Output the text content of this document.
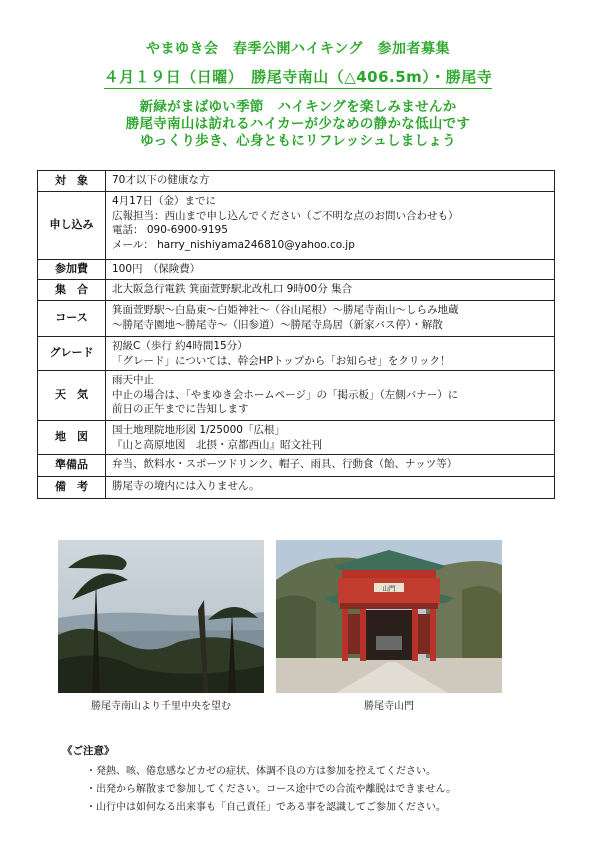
やまゆき会　春季公開ハイキング　参加者募集
４月１９日（日曜）　勝尾寺南山（△406.5m）・勝尾寺
新緑がまばゆい季節　ハイキングを楽しみませんか
勝尾寺南山は訪れるハイカーが少なめの静かな低山です
ゆっくり歩き、心身ともにリフレッシュしましょう
対　象	70才以下の健康な方

申し込み	4月17日（金）までに
広報担当：西山まで申し込んでください（ご不明な点のお問い合わせも）
電話： 090-6900-9195
メール： harry_nishiyama246810@yahoo.co.jp

参加費	100円　（保険費）

集　合	北大阪急行電鉄 箕面萱野駅北改札口 9時00分 集合

コース	箕面萱野駅～白島東～白姫神社～（谷山尾根）～勝尾寺南山～しらみ地蔵
～勝尾寺園地～勝尾寺～（旧参道）～勝尾寺鳥居（新家バス停）・解散

グレード	初級C（歩行 約4時間15分）
「グレード」については、幹会HPトップから「お知らせ」をクリック！

天　気	雨天中止
中止の場合は、「やまゆき会ホームページ」の「掲示板」（左側バナー）に
前日の正午までに告知します

地　図	国土地理院地形図 1/25000「広根」
『山と高原地図　北摂・京都西山』昭文社刊

準備品	弁当、飲料水・スポーツドリンク、帽子、雨具、行動食（飴、ナッツ等）

備　考	勝尾寺の境内には入りません。
勝尾寺南山より千里中央を望む
山門
勝尾寺山門
《ご注意》
・発熱、咳、倦怠感などカゼの症状、体調不良の方は参加を控えてください。
・出発から解散まで参加してください。コース途中での合流や離脱はできません。
・山行中は如何なる出来事も「自己責任」である事を認識してご参加ください。
